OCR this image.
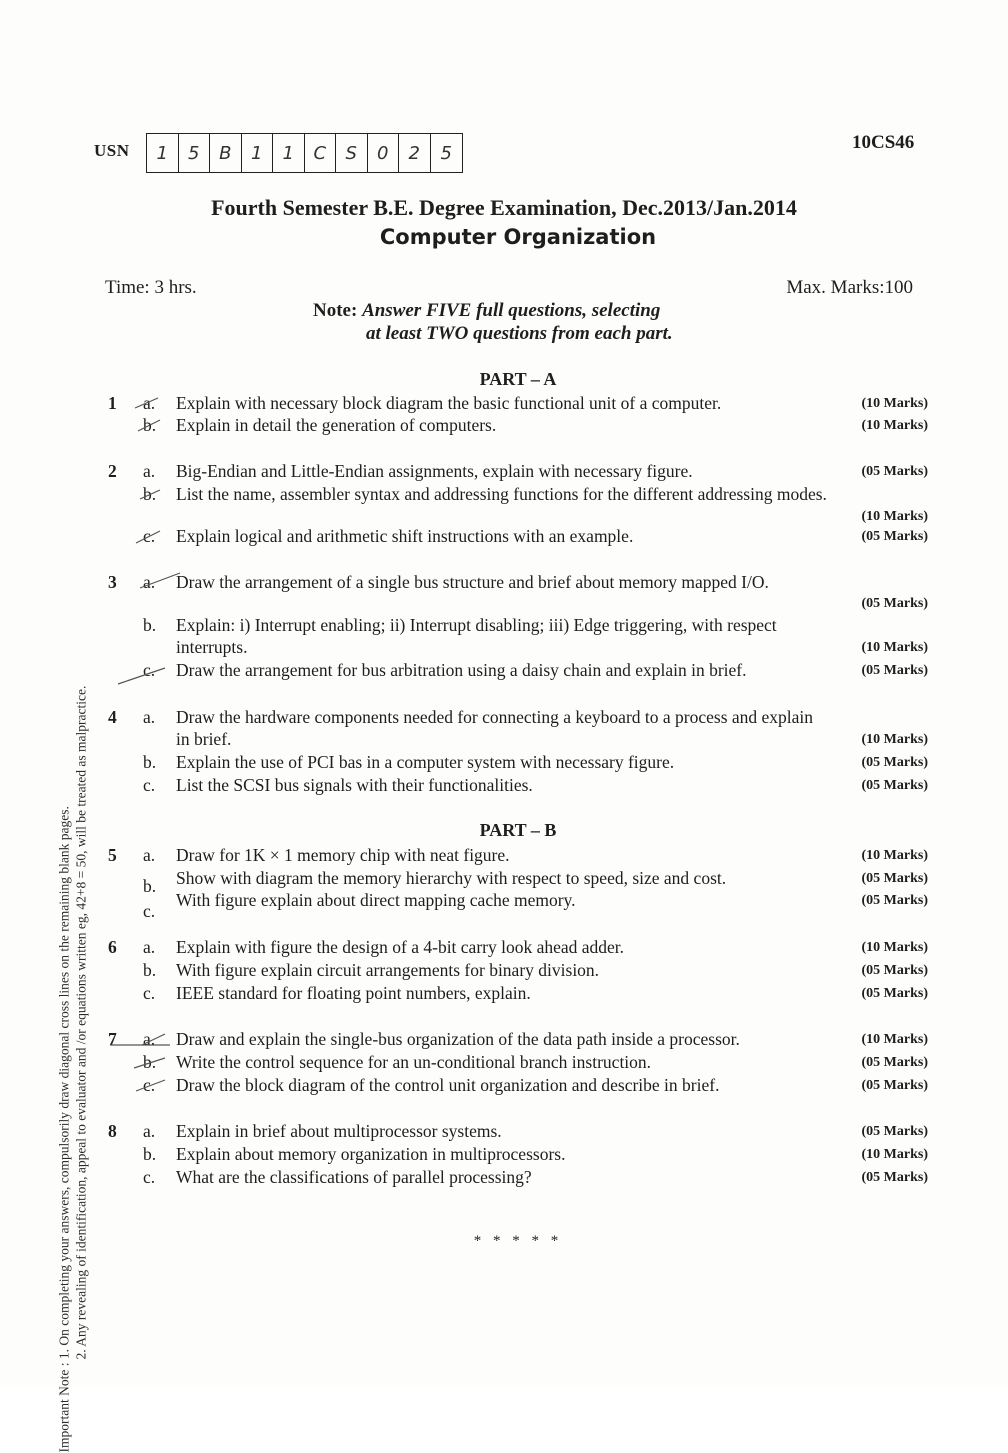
USN	1	5	B	1	1	C	S	0	2	5	10CS46
Fourth Semester B.E. Degree Examination, Dec.2013/Jan.2014
Computer Organization
Time: 3 hrs.	Max. Marks:100
Note: Answer FIVE full questions, selecting
at least TWO questions from each part.
PART – A
1 a. Explain with necessary block diagram the basic functional unit of a computer.	(10 Marks)
b. Explain in detail the generation of computers.	(10 Marks)
2 a. Big-Endian and Little-Endian assignments, explain with necessary figure.	(05 Marks)
b. List the name, assembler syntax and addressing functions for the different addressing modes.
(10 Marks)
c. Explain logical and arithmetic shift instructions with an example.	(05 Marks)
3 a. Draw the arrangement of a single bus structure and brief about memory mapped I/O.
(05 Marks)
b. Explain: i) Interrupt enabling; ii) Interrupt disabling; iii) Edge triggering, with respect
interrupts.	(10 Marks)
c. Draw the arrangement for bus arbitration using a daisy chain and explain in brief.	(05 Marks)
4 a. Draw the hardware components needed for connecting a keyboard to a process and explain
in brief.	(10 Marks)
b. Explain the use of PCI bas in a computer system with necessary figure.	(05 Marks)
c. List the SCSI bus signals with their functionalities.	(05 Marks)
PART – B
5 a. Draw for 1K × 1 memory chip with neat figure.	(10 Marks)
b. Show with diagram the memory hierarchy with respect to speed, size and cost.	(05 Marks)
c.
With figure explain about direct mapping cache memory.	(05 Marks)
6 a. Explain with figure the design of a 4-bit carry look ahead adder.	(10 Marks)
b. With figure explain circuit arrangements for binary division.	(05 Marks)
c. IEEE standard for floating point numbers, explain.	(05 Marks)
7 a. Draw and explain the single-bus organization of the data path inside a processor.	(10 Marks)
b. Write the control sequence for an un-conditional branch instruction.	(05 Marks)
c. Draw the block diagram of the control unit organization and describe in brief.	(05 Marks)
8 a. Explain in brief about multiprocessor systems.	(05 Marks)
b. Explain about memory organization in multiprocessors.	(10 Marks)
c. What are the classifications of parallel processing?	(05 Marks)
* * * * *
Important Note : 1. On completing your answers, compulsorily draw diagonal cross lines on the remaining blank pages. 2. Any revealing of identification, appeal to evaluator and /or equations written eg, 42+8 = 50, will be treated as malpractice.
